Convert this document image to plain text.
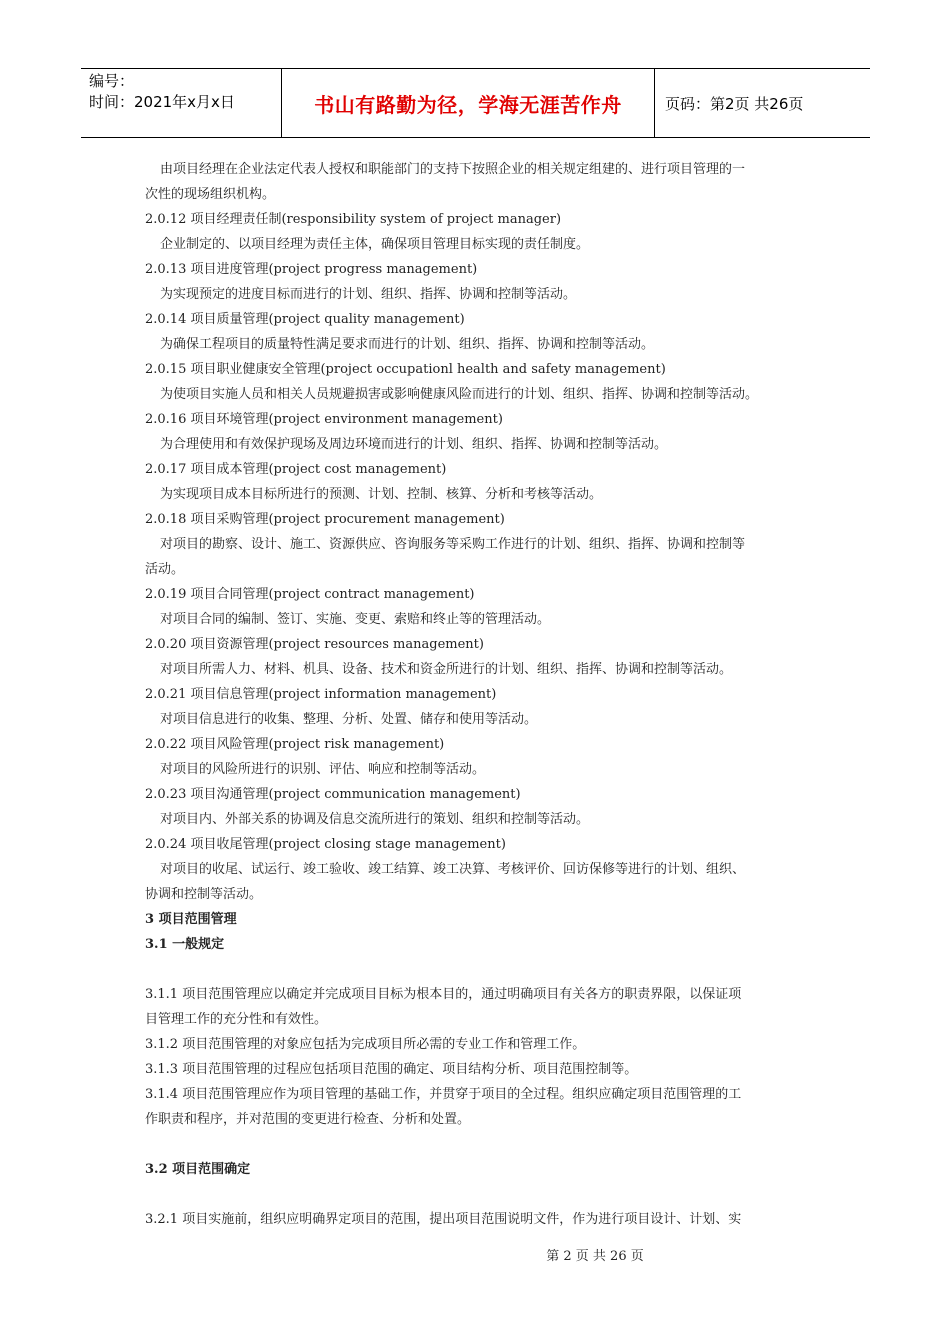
编号：
时间：2021年x月x日	书山有路勤为径，学海无涯苦作舟	页码：第2页 共26页
由项目经理在企业法定代表人授权和职能部门的支持下按照企业的相关规定组建的、进行项目管理的一
次性的现场组织机构。
2.0.12 项目经理责任制(responsibility system of project manager)
企业制定的、以项目经理为责任主体，确保项目管理目标实现的责任制度。
2.0.13 项目进度管理(project progress management)
为实现预定的进度目标而进行的计划、组织、指挥、协调和控制等活动。
2.0.14 项目质量管理(project quality management)
为确保工程项目的质量特性满足要求而进行的计划、组织、指挥、协调和控制等活动。
2.0.15 项目职业健康安全管理(project occupationl health and safety management)
为使项目实施人员和相关人员规避损害或影响健康风险而进行的计划、组织、指挥、协调和控制等活动。
2.0.16 项目环境管理(project environment management)
为合理使用和有效保护现场及周边环境而进行的计划、组织、指挥、协调和控制等活动。
2.0.17 项目成本管理(project cost management)
为实现项目成本目标所进行的预测、计划、控制、核算、分析和考核等活动。
2.0.18 项目采购管理(project procurement management)
对项目的勘察、设计、施工、资源供应、咨询服务等采购工作进行的计划、组织、指挥、协调和控制等
活动。
2.0.19 项目合同管理(project contract management)
对项目合同的编制、签订、实施、变更、索赔和终止等的管理活动。
2.0.20 项目资源管理(project resources management)
对项目所需人力、材料、机具、设备、技术和资金所进行的计划、组织、指挥、协调和控制等活动。
2.0.21 项目信息管理(project information management)
对项目信息进行的收集、整理、分析、处置、储存和使用等活动。
2.0.22 项目风险管理(project risk management)
对项目的风险所进行的识别、评估、响应和控制等活动。
2.0.23 项目沟通管理(project communication management)
对项目内、外部关系的协调及信息交流所进行的策划、组织和控制等活动。
2.0.24 项目收尾管理(project closing stage management)
对项目的收尾、试运行、竣工验收、竣工结算、竣工决算、考核评价、回访保修等进行的计划、组织、
协调和控制等活动。
3 项目范围管理
3.1 一般规定
3.1.1 项目范围管理应以确定并完成项目目标为根本目的，通过明确项目有关各方的职责界限，以保证项
目管理工作的充分性和有效性。
3.1.2 项目范围管理的对象应包括为完成项目所必需的专业工作和管理工作。
3.1.3 项目范围管理的过程应包括项目范围的确定、项目结构分析、项目范围控制等。
3.1.4 项目范围管理应作为项目管理的基础工作，并贯穿于项目的全过程。组织应确定项目范围管理的工
作职责和程序，并对范围的变更进行检查、分析和处置。
3.2 项目范围确定
3.2.1 项目实施前，组织应明确界定项目的范围，提出项目范围说明文件，作为进行项目设计、计划、实
第 2 页 共 26 页
